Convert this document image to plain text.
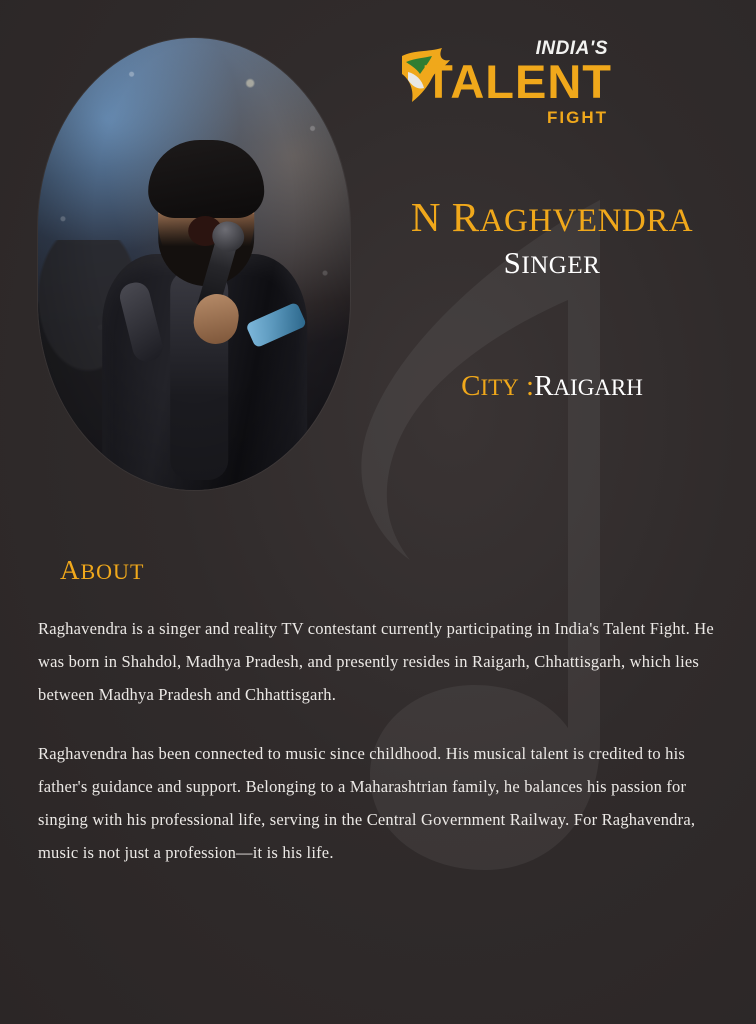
INDIA'S
TALENT
FIGHT
N RAGHVENDRA
SINGER
CITY :RAIGARH
ABOUT

Raghavendra is a singer and reality TV contestant currently participating in India's Talent Fight. He was born in Shahdol, Madhya Pradesh, and presently resides in Raigarh, Chhattisgarh, which lies between Madhya Pradesh and Chhattisgarh.

Raghavendra has been connected to music since childhood. His musical talent is credited to his father's guidance and support. Belonging to a Maharashtrian family, he balances his passion for singing with his professional life, serving in the Central Government Railway. For Raghavendra, music is not just a profession—it is his life.
